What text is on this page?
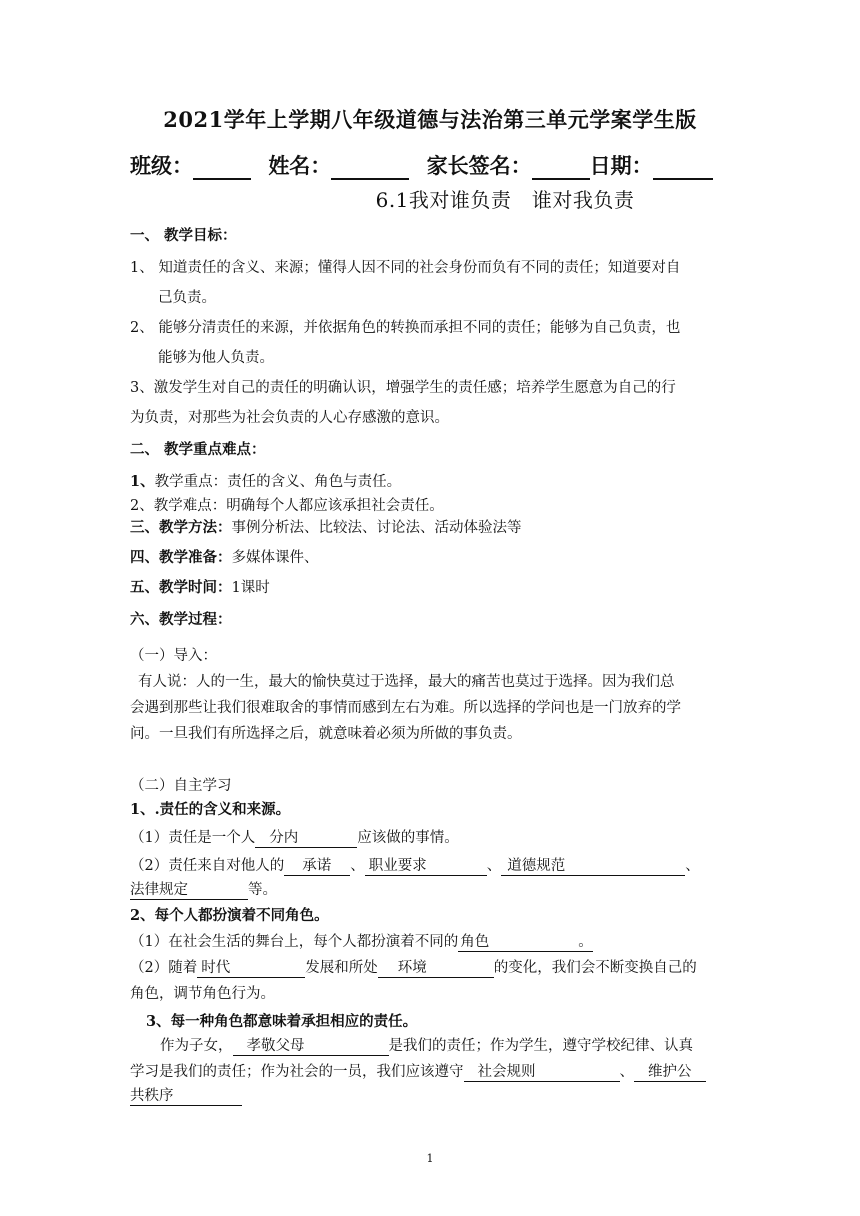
2021学年上学期八年级道德与法治第三单元学案学生版
班级：	姓名：	家长签名：	日期：
6.1我对谁负责　谁对我负责
一、 教学目标：
1、 知道责任的含义、来源；懂得人因不同的社会身份而负有不同的责任；知道要对自
己负责。
2、 能够分清责任的来源，并依据角色的转换而承担不同的责任；能够为自己负责，也
能够为他人负责。
3、激发学生对自己的责任的明确认识，增强学生的责任感；培养学生愿意为自己的行
为负责，对那些为社会负责的人心存感激的意识。
二、 教学重点难点：
1、教学重点：责任的含义、角色与责任。
2、教学难点：明确每个人都应该承担社会责任。
三、教学方法：事例分析法、比较法、讨论法、活动体验法等
四、教学准备：多媒体课件、
五、教学时间：1课时
六、教学过程：
（一）导入：
有人说：人的一生，最大的愉快莫过于选择，最大的痛苦也莫过于选择。因为我们总
会遇到那些让我们很难取舍的事情而感到左右为难。所以选择的学问也是一门放弃的学
问。一旦我们有所选择之后，就意味着必须为所做的事负责。
（二）自主学习
1、.责任的含义和来源。
（1）责任是一个人 分内	应该做的事情。
（2）责任来自对他人的 承诺 、 职业要求	、 道德规范	、
法律规定	等。
2、每个人都扮演着不同角色。
（1）在社会生活的舞台上，每个人都扮演着不同的 角色	。
（2）随着 时代	发展和所处 环境	的变化，我们会不断变换自己的
角色，调节角色行为。
3、每一种角色都意味着承担相应的责任。
作为子女， 孝敬父母	是我们的责任；作为学生，遵守学校纪律、认真
学习是我们的责任；作为社会的一员，我们应该遵守 社会规则	、 维护公
共秩序
1
